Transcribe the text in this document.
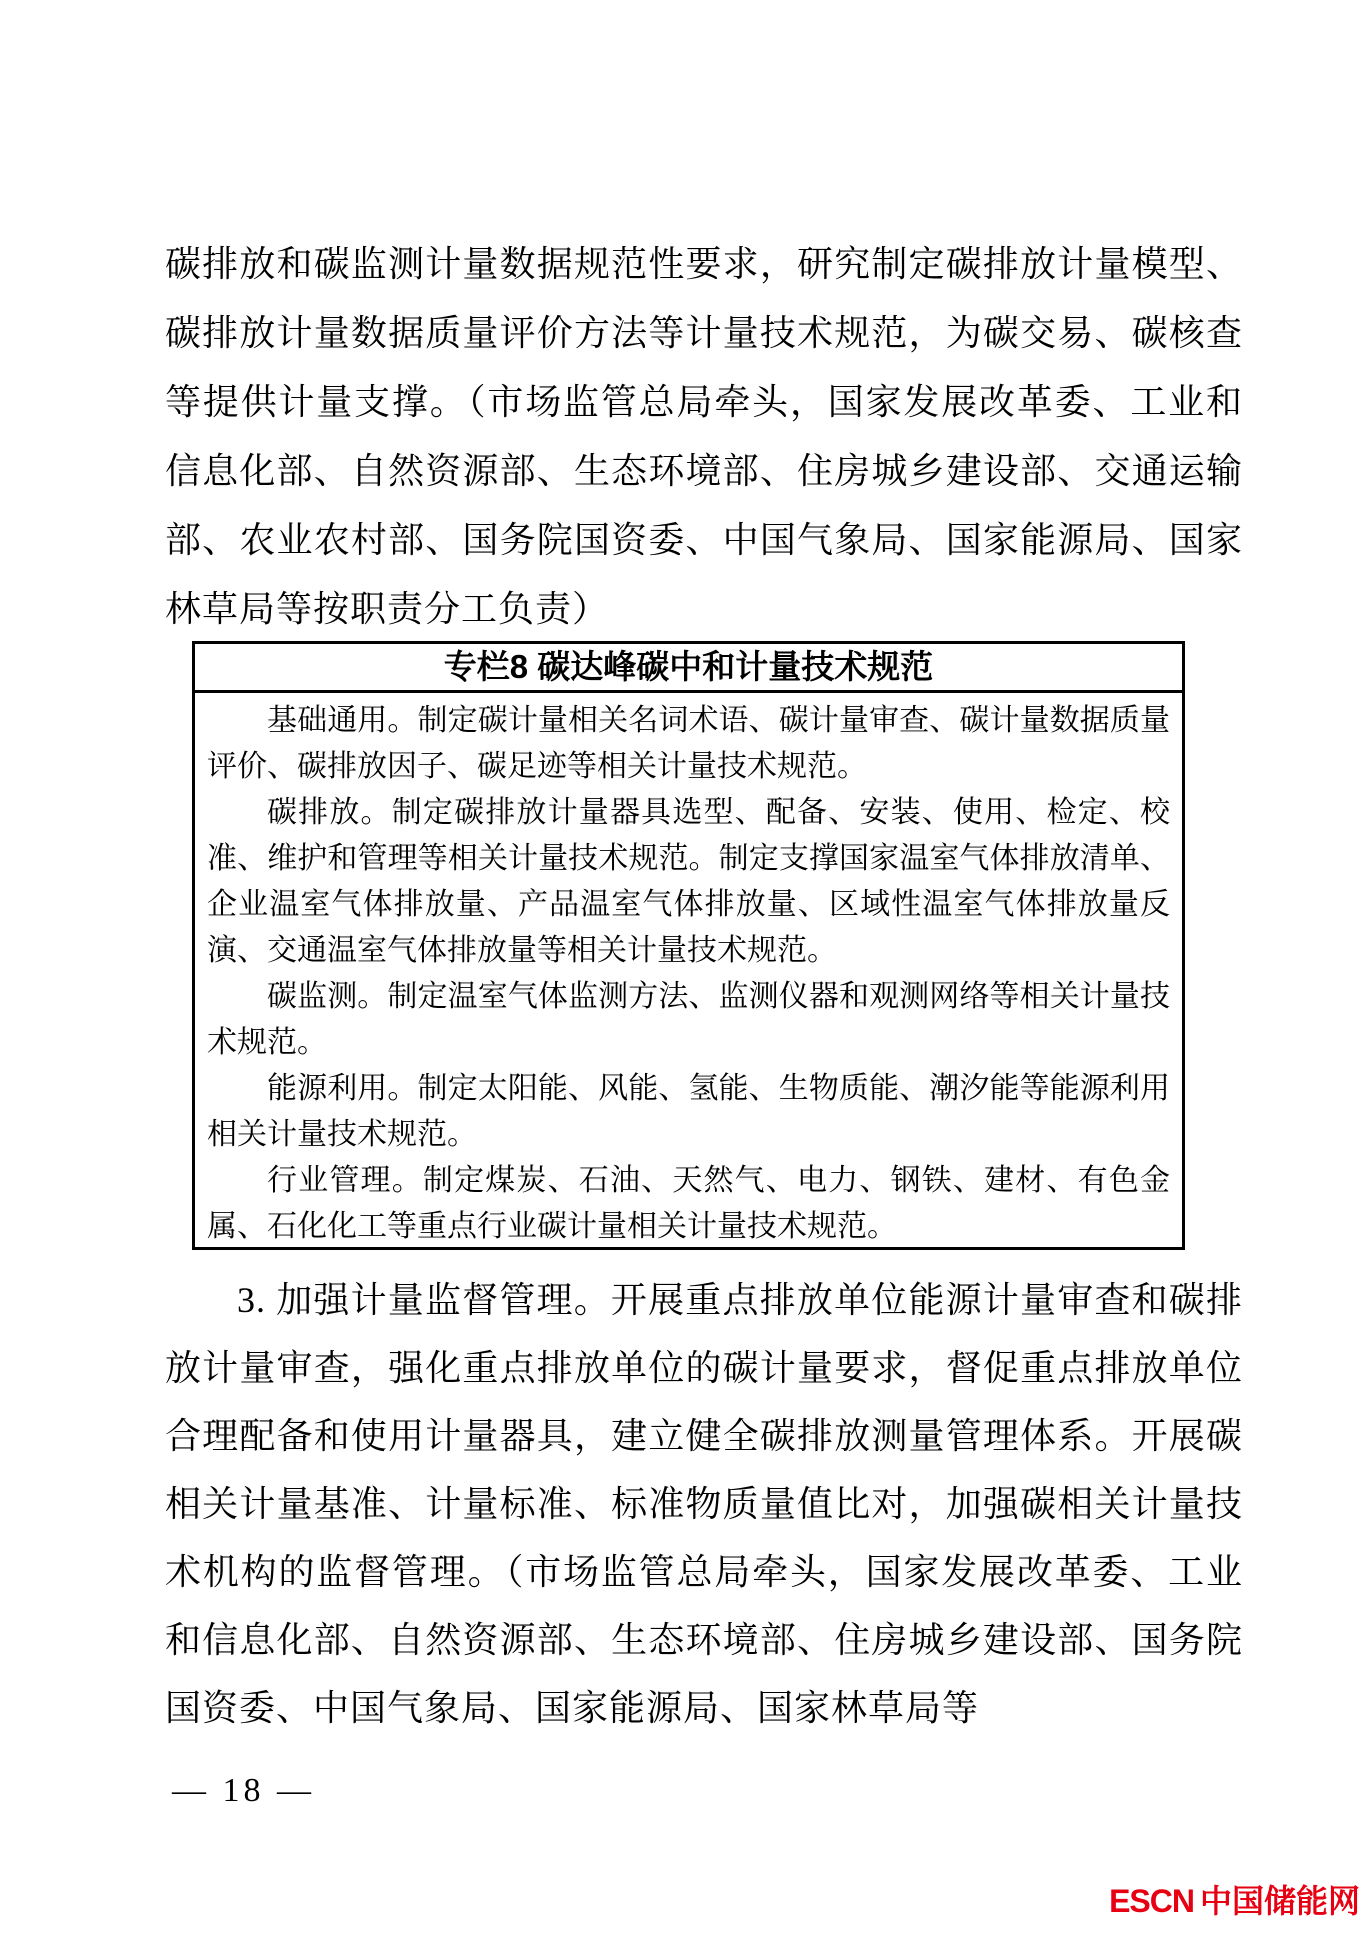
碳排放和碳监测计量数据规范性要求，研究制定碳排放计量模型、碳排放计量数据质量评价方法等计量技术规范，为碳交易、碳核查等提供计量支撑。（市场监管总局牵头，国家发展改革委、工业和信息化部、自然资源部、生态环境部、住房城乡建设部、交通运输部、农业农村部、国务院国资委、中国气象局、国家能源局、国家林草局等按职责分工负责）

专栏8 碳达峰碳中和计量技术规范

基础通用。制定碳计量相关名词术语、碳计量审查、碳计量数据质量评价、碳排放因子、碳足迹等相关计量技术规范。

碳排放。制定碳排放计量器具选型、配备、安装、使用、检定、校准、维护和管理等相关计量技术规范。制定支撑国家温室气体排放清单、企业温室气体排放量、产品温室气体排放量、区域性温室气体排放量反演、交通温室气体排放量等相关计量技术规范。

碳监测。制定温室气体监测方法、监测仪器和观测网络等相关计量技术规范。

能源利用。制定太阳能、风能、氢能、生物质能、潮汐能等能源利用相关计量技术规范。

行业管理。制定煤炭、石油、天然气、电力、钢铁、建材、有色金属、石化化工等重点行业碳计量相关计量技术规范。

3. 加强计量监督管理。开展重点排放单位能源计量审查和碳排放计量审查，强化重点排放单位的碳计量要求，督促重点排放单位合理配备和使用计量器具，建立健全碳排放测量管理体系。开展碳相关计量基准、计量标准、标准物质量值比对，加强碳相关计量技术机构的监督管理。（市场监管总局牵头，国家发展改革委、工业和信息化部、自然资源部、生态环境部、住房城乡建设部、国务院国资委、中国气象局、国家能源局、国家林草局等

— 18 —
ESCN 中国储能网
